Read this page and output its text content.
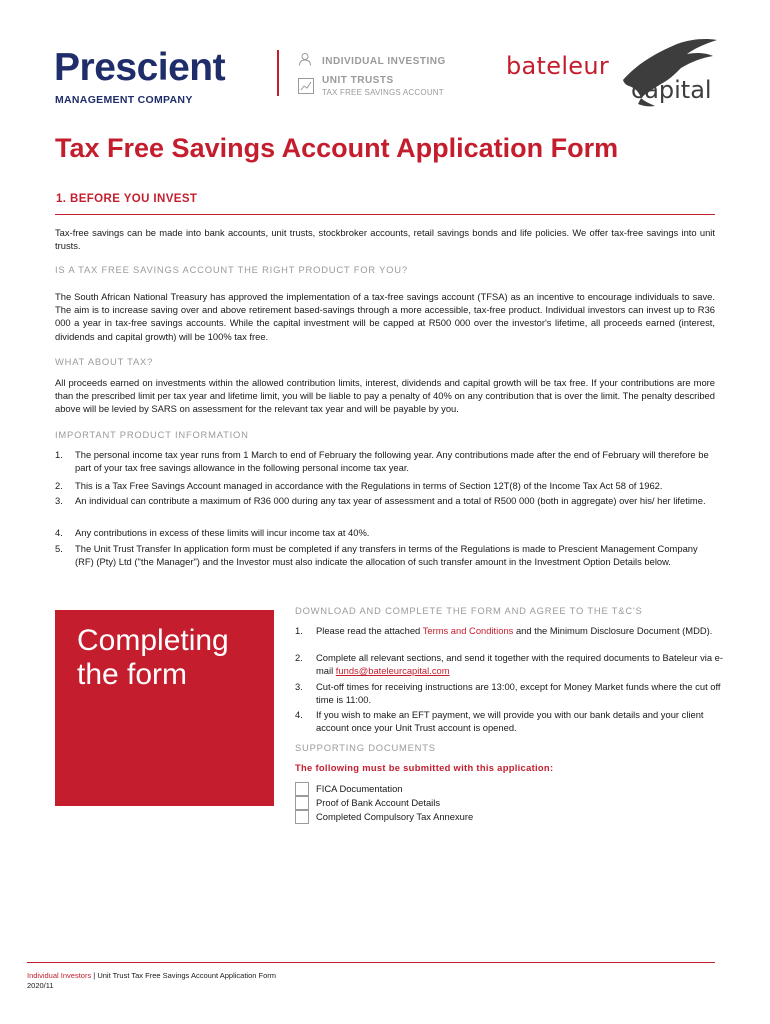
Prescient
MANAGEMENT COMPANY
INDIVIDUAL INVESTING
UNIT TRUSTS
TAX FREE SAVINGS ACCOUNT
bateleur
capital
Tax Free Savings Account Application Form
1. BEFORE YOU INVEST
Tax-free savings can be made into bank accounts, unit trusts, stockbroker accounts, retail savings bonds and life policies. We offer tax-free savings into unit trusts.
IS A TAX FREE SAVINGS ACCOUNT THE RIGHT PRODUCT FOR YOU?
The South African National Treasury has approved the implementation of a tax-free savings account (TFSA) as an incentive to encourage individuals to save. The aim is to increase saving over and above retirement based-savings through a more accessible, tax-free product. Individual investors can invest up to R36 000 a year in tax-free savings accounts. While the capital investment will be capped at R500 000 over the investor's lifetime, all proceeds earned (interest, dividends and capital growth) will be 100% tax free.
WHAT ABOUT TAX?
All proceeds earned on investments within the allowed contribution limits, interest, dividends and capital growth will be tax free. If your contributions are more than the prescribed limit per tax year and lifetime limit, you will be liable to pay a penalty of 40% on any contribution that is over the limit. The penalty described above will be levied by SARS on assessment for the relevant tax year and will be payable by you.
IMPORTANT PRODUCT INFORMATION
1. The personal income tax year runs from 1 March to end of February the following year. Any contributions made after the end of February will therefore be part of your tax free savings allowance in the following personal income tax year.
2. This is a Tax Free Savings Account managed in accordance with the Regulations in terms of Section 12T(8) of the Income Tax Act 58 of 1962.
3. An individual can contribute a maximum of R36 000 during any tax year of assessment and a total of R500 000 (both in aggregate) over his/ her lifetime.
4. Any contributions in excess of these limits will incur income tax at 40%.
5. The Unit Trust Transfer In application form must be completed if any transfers in terms of the Regulations is made to Prescient Management Company (RF) (Pty) Ltd ("the Manager") and the Investor must also indicate the allocation of such transfer amount in the Investment Option Details below.
Completing the form
DOWNLOAD AND COMPLETE THE FORM AND AGREE TO THE T&C'S
1. Please read the attached Terms and Conditions and the Minimum Disclosure Document (MDD).
2. Complete all relevant sections, and send it together with the required documents to Bateleur via e-mail funds@bateleurcapital.com
3. Cut-off times for receiving instructions are 13:00, except for Money Market funds where the cut off time is 11:00.
4. If you wish to make an EFT payment, we will provide you with our bank details and your client account once your Unit Trust account is opened.
SUPPORTING DOCUMENTS
The following must be submitted with this application:
FICA Documentation
Proof of Bank Account Details
Completed Compulsory Tax Annexure
Individual Investors | Unit Trust Tax Free Savings Account Application Form
2020/11
